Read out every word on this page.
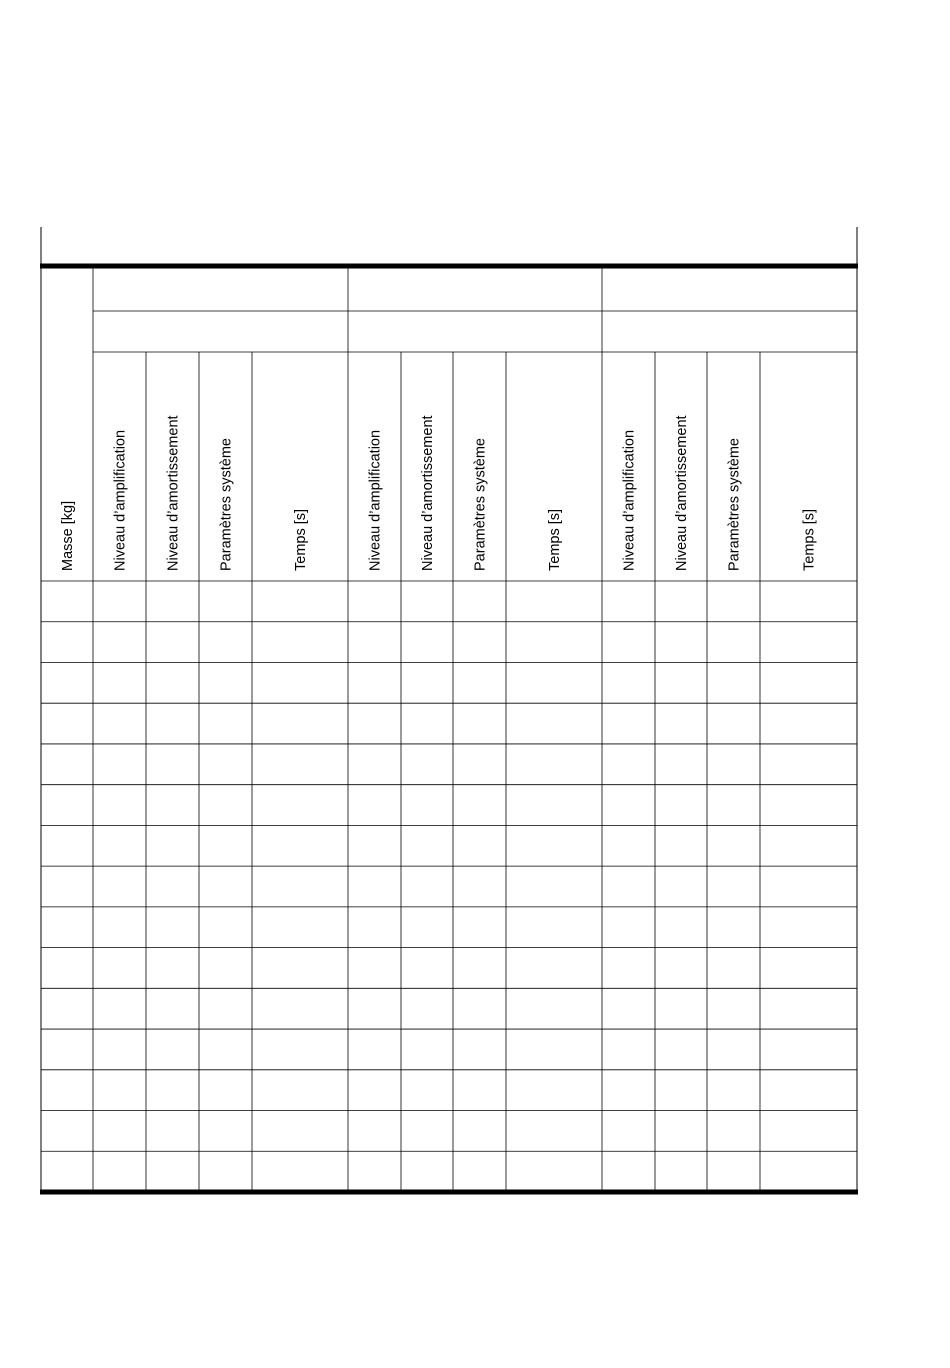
Masse [kg]	Niveau d’amplification	Niveau d’amortissement	Paramètres système	Temps [s]	Niveau d’amplification	Niveau d’amortissement	Paramètres système	Temps [s]	Niveau d’amplification	Niveau d’amortissement	Paramètres système	Temps [s]
